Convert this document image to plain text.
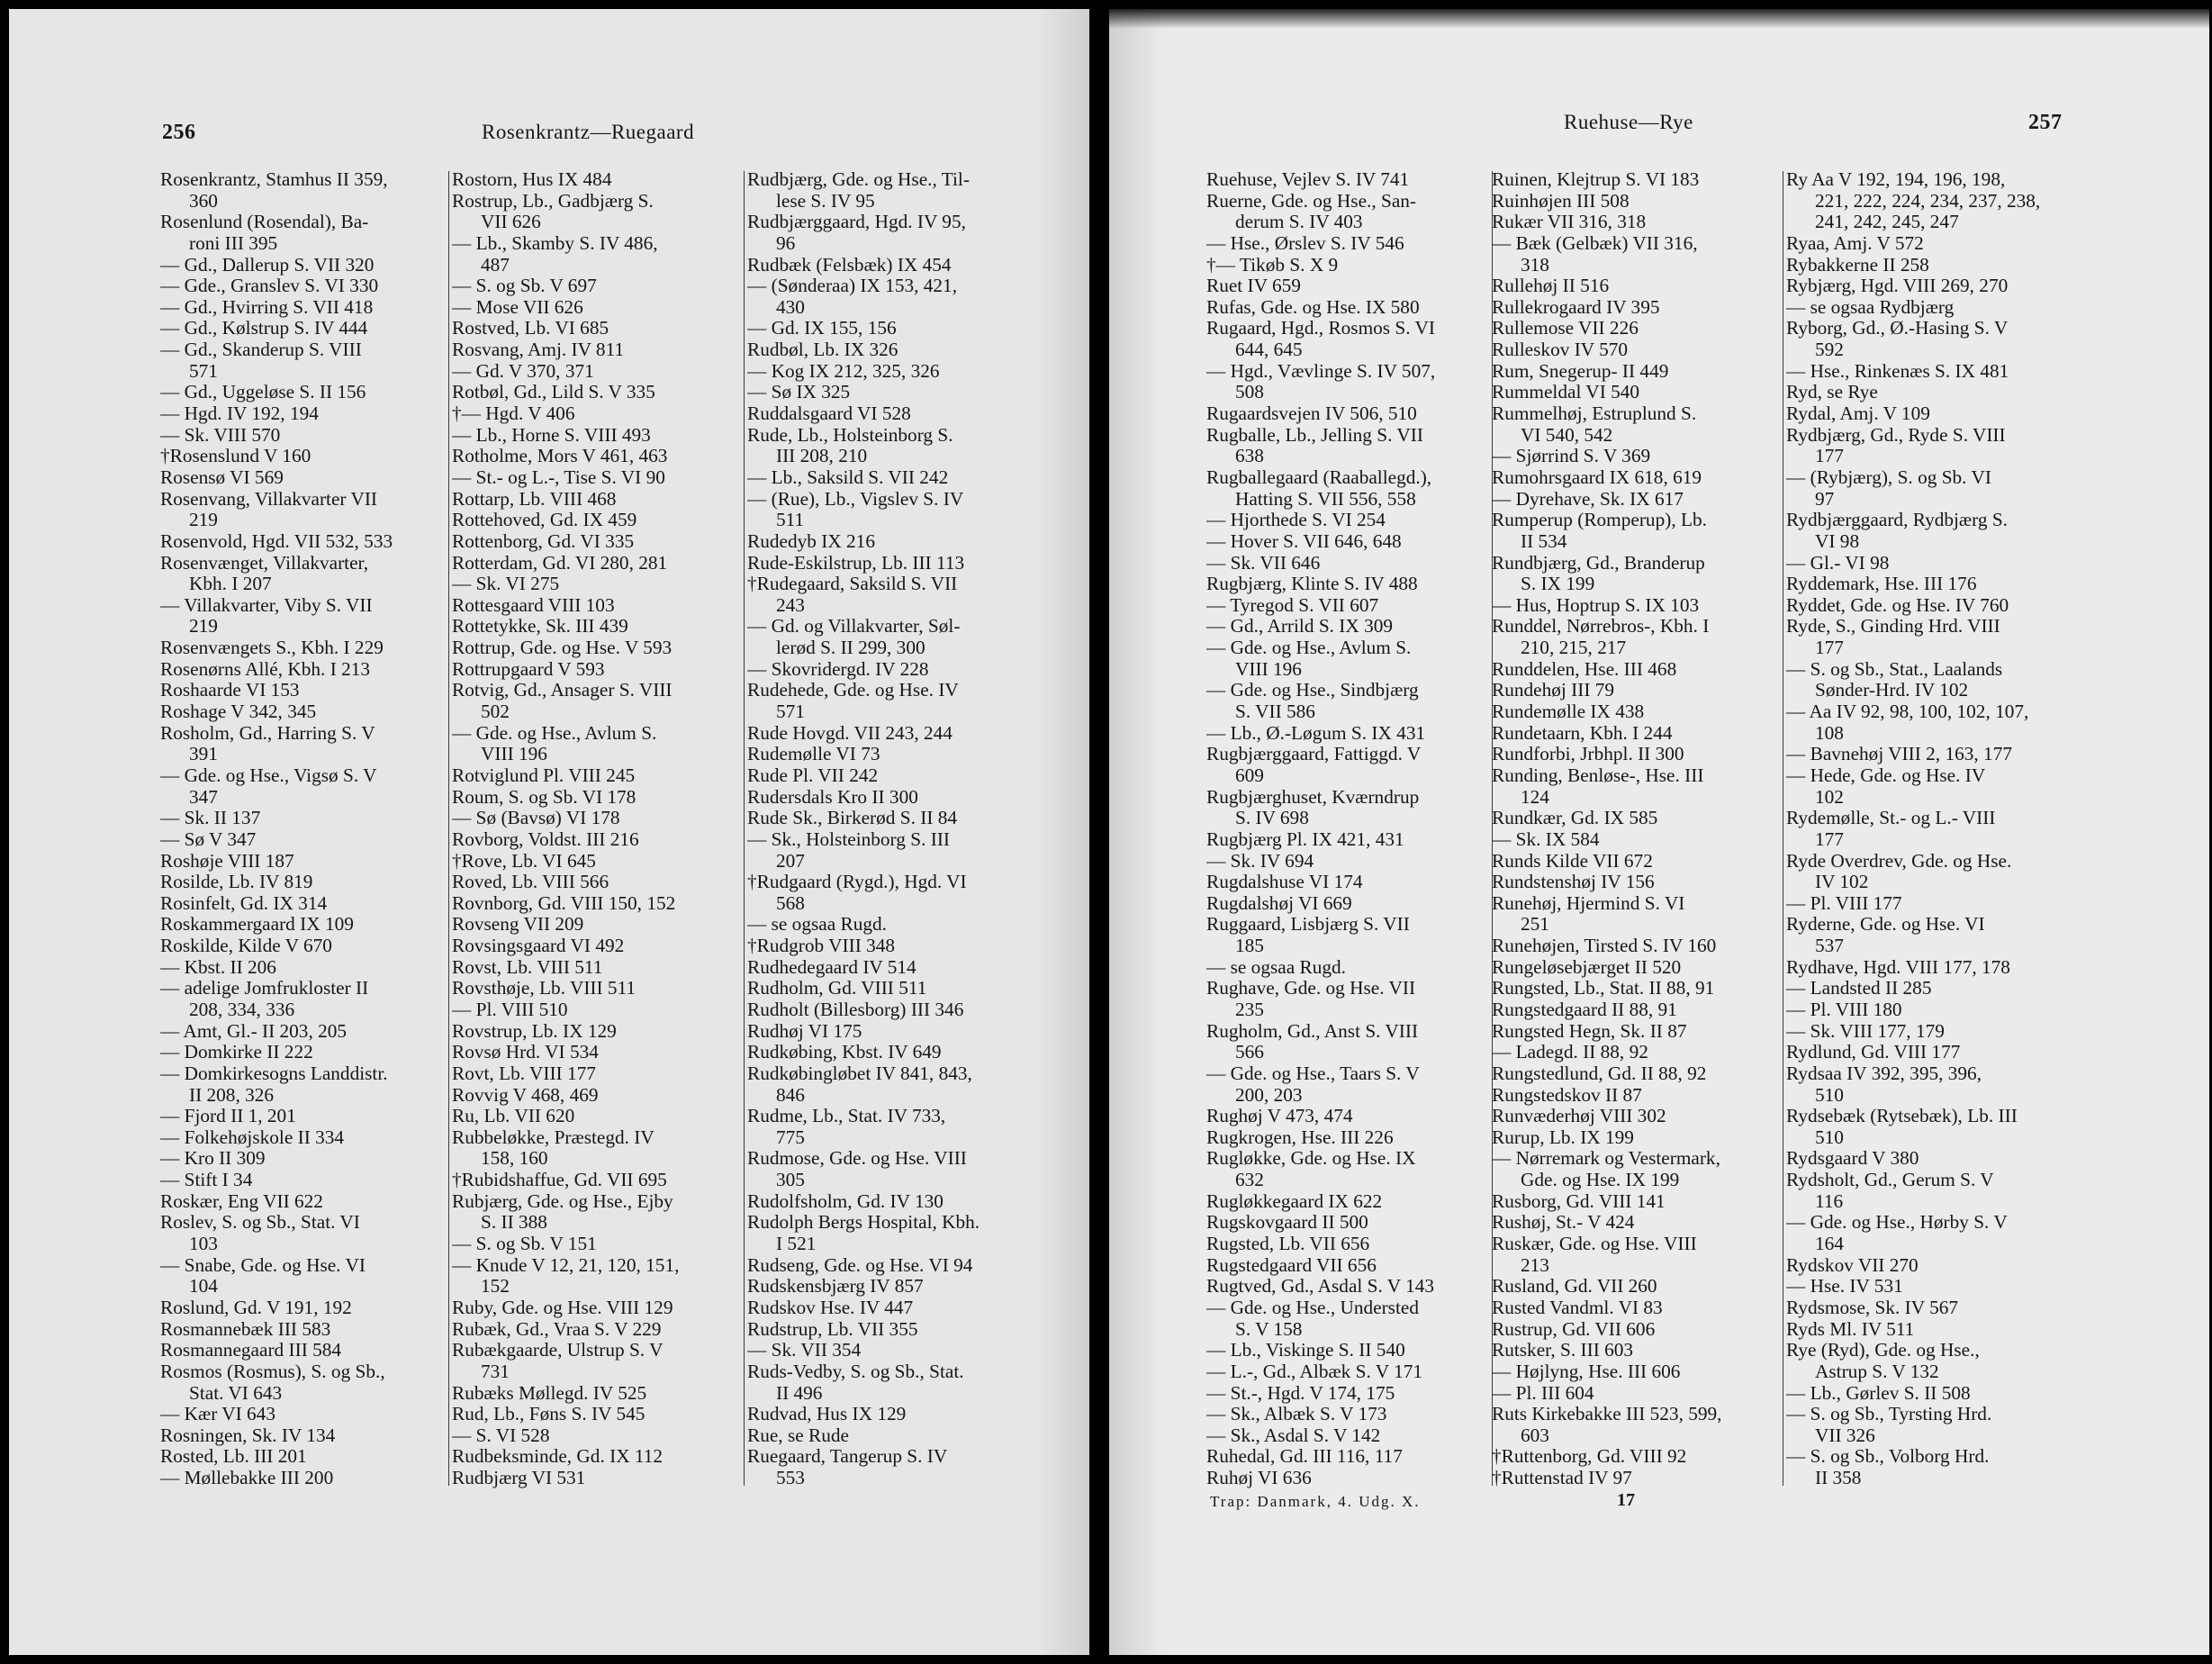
256	Rosenkrantz—Ruegaard
Rosenkrantz, Stamhus II 359,
360
Rosenlund (Rosendal), Ba-
roni III 395
— Gd., Dallerup S. VII 320
— Gde., Granslev S. VI 330
— Gd., Hvirring S. VII 418
— Gd., Kølstrup S. IV 444
— Gd., Skanderup S. VIII
571
— Gd., Uggeløse S. II 156
— Hgd. IV 192, 194
— Sk. VIII 570
†Rosenslund V 160
Rosensø VI 569
Rosenvang, Villakvarter VII
219
Rosenvold, Hgd. VII 532, 533
Rosenvænget, Villakvarter,
Kbh. I 207
— Villakvarter, Viby S. VII
219
Rosenvængets S., Kbh. I 229
Rosenørns Allé, Kbh. I 213
Roshaarde VI 153
Roshage V 342, 345
Rosholm, Gd., Harring S. V
391
— Gde. og Hse., Vigsø S. V
347
— Sk. II 137
— Sø V 347
Roshøje VIII 187
Rosilde, Lb. IV 819
Rosinfelt, Gd. IX 314
Roskammergaard IX 109
Roskilde, Kilde V 670
— Kbst. II 206
— adelige Jomfrukloster II
208, 334, 336
— Amt, Gl.- II 203, 205
— Domkirke II 222
— Domkirkesogns Landdistr.
II 208, 326
— Fjord II 1, 201
— Folkehøjskole II 334
— Kro II 309
— Stift I 34
Roskær, Eng VII 622
Roslev, S. og Sb., Stat. VI
103
— Snabe, Gde. og Hse. VI
104
Roslund, Gd. V 191, 192
Rosmannebæk III 583
Rosmannegaard III 584
Rosmos (Rosmus), S. og Sb.,
Stat. VI 643
— Kær VI 643
Rosningen, Sk. IV 134
Rosted, Lb. III 201
— Møllebakke III 200
Rostorn, Hus IX 484
Rostrup, Lb., Gadbjærg S.
VII 626
— Lb., Skamby S. IV 486,
487
— S. og Sb. V 697
— Mose VII 626
Rostved, Lb. VI 685
Rosvang, Amj. IV 811
— Gd. V 370, 371
Rotbøl, Gd., Lild S. V 335
†— Hgd. V 406
— Lb., Horne S. VIII 493
Rotholme, Mors V 461, 463
— St.- og L.-, Tise S. VI 90
Rottarp, Lb. VIII 468
Rottehoved, Gd. IX 459
Rottenborg, Gd. VI 335
Rotterdam, Gd. VI 280, 281
— Sk. VI 275
Rottesgaard VIII 103
Rottetykke, Sk. III 439
Rottrup, Gde. og Hse. V 593
Rottrupgaard V 593
Rotvig, Gd., Ansager S. VIII
502
— Gde. og Hse., Avlum S.
VIII 196
Rotviglund Pl. VIII 245
Roum, S. og Sb. VI 178
— Sø (Bavsø) VI 178
Rovborg, Voldst. III 216
†Rove, Lb. VI 645
Roved, Lb. VIII 566
Rovnborg, Gd. VIII 150, 152
Rovseng VII 209
Rovsingsgaard VI 492
Rovst, Lb. VIII 511
Rovsthøje, Lb. VIII 511
— Pl. VIII 510
Rovstrup, Lb. IX 129
Rovsø Hrd. VI 534
Rovt, Lb. VIII 177
Rovvig V 468, 469
Ru, Lb. VII 620
Rubbeløkke, Præstegd. IV
158, 160
†Rubidshaffue, Gd. VII 695
Rubjærg, Gde. og Hse., Ejby
S. II 388
— S. og Sb. V 151
— Knude V 12, 21, 120, 151,
152
Ruby, Gde. og Hse. VIII 129
Rubæk, Gd., Vraa S. V 229
Rubækgaarde, Ulstrup S. V
731
Rubæks Møllegd. IV 525
Rud, Lb., Føns S. IV 545
— S. VI 528
Rudbeksminde, Gd. IX 112
Rudbjærg VI 531
Rudbjærg, Gde. og Hse., Til-
lese S. IV 95
Rudbjærggaard, Hgd. IV 95,
96
Rudbæk (Felsbæk) IX 454
— (Sønderaa) IX 153, 421,
430
— Gd. IX 155, 156
Rudbøl, Lb. IX 326
— Kog IX 212, 325, 326
— Sø IX 325
Ruddalsgaard VI 528
Rude, Lb., Holsteinborg S.
III 208, 210
— Lb., Saksild S. VII 242
— (Rue), Lb., Vigslev S. IV
511
Rudedyb IX 216
Rude-Eskilstrup, Lb. III 113
†Rudegaard, Saksild S. VII
243
— Gd. og Villakvarter, Søl-
lerød S. II 299, 300
— Skovridergd. IV 228
Rudehede, Gde. og Hse. IV
571
Rude Hovgd. VII 243, 244
Rudemølle VI 73
Rude Pl. VII 242
Rudersdals Kro II 300
Rude Sk., Birkerød S. II 84
— Sk., Holsteinborg S. III
207
†Rudgaard (Rygd.), Hgd. VI
568
— se ogsaa Rugd.
†Rudgrob VIII 348
Rudhedegaard IV 514
Rudholm, Gd. VIII 511
Rudholt (Billesborg) III 346
Rudhøj VI 175
Rudkøbing, Kbst. IV 649
Rudkøbingløbet IV 841, 843,
846
Rudme, Lb., Stat. IV 733,
775
Rudmose, Gde. og Hse. VIII
305
Rudolfsholm, Gd. IV 130
Rudolph Bergs Hospital, Kbh.
I 521
Rudseng, Gde. og Hse. VI 94
Rudskensbjærg IV 857
Rudskov Hse. IV 447
Rudstrup, Lb. VII 355
— Sk. VII 354
Ruds-Vedby, S. og Sb., Stat.
II 496
Rudvad, Hus IX 129
Rue, se Rude
Ruegaard, Tangerup S. IV
553
Ruehuse—Rye	257
Ruehuse, Vejlev S. IV 741
Ruerne, Gde. og Hse., San-
derum S. IV 403
— Hse., Ørslev S. IV 546
†— Tikøb S. X 9
Ruet IV 659
Rufas, Gde. og Hse. IX 580
Rugaard, Hgd., Rosmos S. VI
644, 645
— Hgd., Vævlinge S. IV 507,
508
Rugaardsvejen IV 506, 510
Rugballe, Lb., Jelling S. VII
638
Rugballegaard (Raaballegd.),
Hatting S. VII 556, 558
— Hjorthede S. VI 254
— Hover S. VII 646, 648
— Sk. VII 646
Rugbjærg, Klinte S. IV 488
— Tyregod S. VII 607
— Gd., Arrild S. IX 309
— Gde. og Hse., Avlum S.
VIII 196
— Gde. og Hse., Sindbjærg
S. VII 586
— Lb., Ø.-Løgum S. IX 431
Rugbjærggaard, Fattiggd. V
609
Rugbjærghuset, Kværndrup
S. IV 698
Rugbjærg Pl. IX 421, 431
— Sk. IV 694
Rugdalshuse VI 174
Rugdalshøj VI 669
Ruggaard, Lisbjærg S. VII
185
— se ogsaa Rugd.
Rughave, Gde. og Hse. VII
235
Rugholm, Gd., Anst S. VIII
566
— Gde. og Hse., Taars S. V
200, 203
Rughøj V 473, 474
Rugkrogen, Hse. III 226
Rugløkke, Gde. og Hse. IX
632
Rugløkkegaard IX 622
Rugskovgaard II 500
Rugsted, Lb. VII 656
Rugstedgaard VII 656
Rugtved, Gd., Asdal S. V 143
— Gde. og Hse., Understed
S. V 158
— Lb., Viskinge S. II 540
— L.-, Gd., Albæk S. V 171
— St.-, Hgd. V 174, 175
— Sk., Albæk S. V 173
— Sk., Asdal S. V 142
Ruhedal, Gd. III 116, 117
Ruhøj VI 636
Ruinen, Klejtrup S. VI 183
Ruinhøjen III 508
Rukær VII 316, 318
— Bæk (Gelbæk) VII 316,
318
Rullehøj II 516
Rullekrogaard IV 395
Rullemose VII 226
Rulleskov IV 570
Rum, Snegerup- II 449
Rummeldal VI 540
Rummelhøj, Estruplund S.
VI 540, 542
— Sjørrind S. V 369
Rumohrsgaard IX 618, 619
— Dyrehave, Sk. IX 617
Rumperup (Romperup), Lb.
II 534
Rundbjærg, Gd., Branderup
S. IX 199
— Hus, Hoptrup S. IX 103
Runddel, Nørrebros-, Kbh. I
210, 215, 217
Runddelen, Hse. III 468
Rundehøj III 79
Rundemølle IX 438
Rundetaarn, Kbh. I 244
Rundforbi, Jrbhpl. II 300
Runding, Benløse-, Hse. III
124
Rundkær, Gd. IX 585
— Sk. IX 584
Runds Kilde VII 672
Rundstenshøj IV 156
Runehøj, Hjermind S. VI
251
Runehøjen, Tirsted S. IV 160
Rungeløsebjærget II 520
Rungsted, Lb., Stat. II 88, 91
Rungstedgaard II 88, 91
Rungsted Hegn, Sk. II 87
— Ladegd. II 88, 92
Rungstedlund, Gd. II 88, 92
Rungstedskov II 87
Runvæderhøj VIII 302
Rurup, Lb. IX 199
— Nørremark og Vestermark,
Gde. og Hse. IX 199
Rusborg, Gd. VIII 141
Rushøj, St.- V 424
Ruskær, Gde. og Hse. VIII
213
Rusland, Gd. VII 260
Rusted Vandml. VI 83
Rustrup, Gd. VII 606
Rutsker, S. III 603
— Højlyng, Hse. III 606
— Pl. III 604
Ruts Kirkebakke III 523, 599,
603
†Ruttenborg, Gd. VIII 92
†Ruttenstad IV 97
Ry Aa V 192, 194, 196, 198,
221, 222, 224, 234, 237, 238,
241, 242, 245, 247
Ryaa, Amj. V 572
Rybakkerne II 258
Rybjærg, Hgd. VIII 269, 270
— se ogsaa Rydbjærg
Ryborg, Gd., Ø.-Hasing S. V
592
— Hse., Rinkenæs S. IX 481
Ryd, se Rye
Rydal, Amj. V 109
Rydbjærg, Gd., Ryde S. VIII
177
— (Rybjærg), S. og Sb. VI
97
Rydbjærggaard, Rydbjærg S.
VI 98
— Gl.- VI 98
Ryddemark, Hse. III 176
Ryddet, Gde. og Hse. IV 760
Ryde, S., Ginding Hrd. VIII
177
— S. og Sb., Stat., Laalands
Sønder-Hrd. IV 102
— Aa IV 92, 98, 100, 102, 107,
108
— Bavnehøj VIII 2, 163, 177
— Hede, Gde. og Hse. IV
102
Rydemølle, St.- og L.- VIII
177
Ryde Overdrev, Gde. og Hse.
IV 102
— Pl. VIII 177
Ryderne, Gde. og Hse. VI
537
Rydhave, Hgd. VIII 177, 178
— Landsted II 285
— Pl. VIII 180
— Sk. VIII 177, 179
Rydlund, Gd. VIII 177
Rydsaa IV 392, 395, 396,
510
Rydsebæk (Rytsebæk), Lb. III
510
Rydsgaard V 380
Rydsholt, Gd., Gerum S. V
116
— Gde. og Hse., Hørby S. V
164
Rydskov VII 270
— Hse. IV 531
Rydsmose, Sk. IV 567
Ryds Ml. IV 511
Rye (Ryd), Gde. og Hse.,
Astrup S. V 132
— Lb., Gørlev S. II 508
— S. og Sb., Tyrsting Hrd.
VII 326
— S. og Sb., Volborg Hrd.
II 358
Trap: Danmark, 4. Udg. X.	17
